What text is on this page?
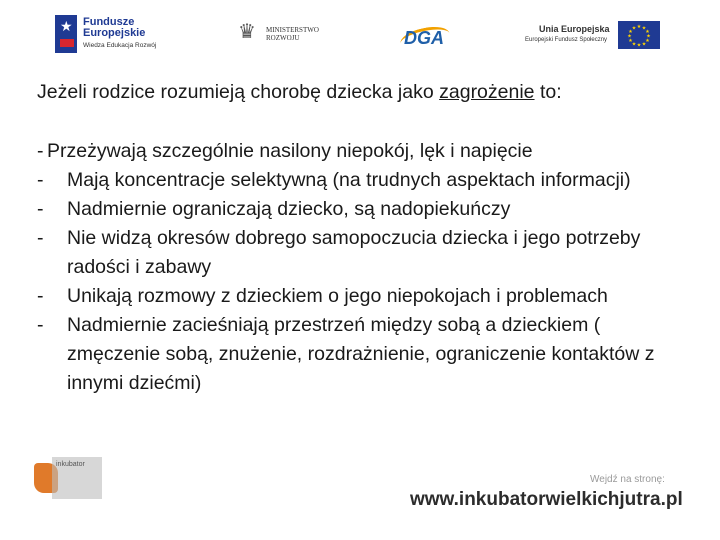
★ Fundusze
Europejskie
Wiedza Edukacja Rozwój
♛ MINISTERSTWO
ROZWOJU	DGA	Unia Europejska
Europejski Fundusz Społeczny
★ ★
★
★
★
★
★
★
★
★
★
★

Jeżeli rodzice rozumieją chorobę dziecka jako zagrożenie to:

- Przeżywają szczególnie nasilony niepokój, lęk i napięcie
-	Mają koncentracje selektywną (na trudnych aspektach informacji)
-	Nadmiernie ograniczają dziecko, są nadopiekuńczy
-	Nie widzą okresów dobrego samopoczucia dziecka i jego potrzeby radości i zabawy
-	Unikają rozmowy z dzieckiem o jego niepokojach i problemach
-	Nadmiernie zacieśniają przestrzeń między sobą a dzieckiem ( zmęczenie sobą, znużenie, rozdrażnienie, ograniczenie kontaktów z innymi dziećmi)
inkubator
Wejdź na stronę:
www.inkubatorwielkichjutra.pl
